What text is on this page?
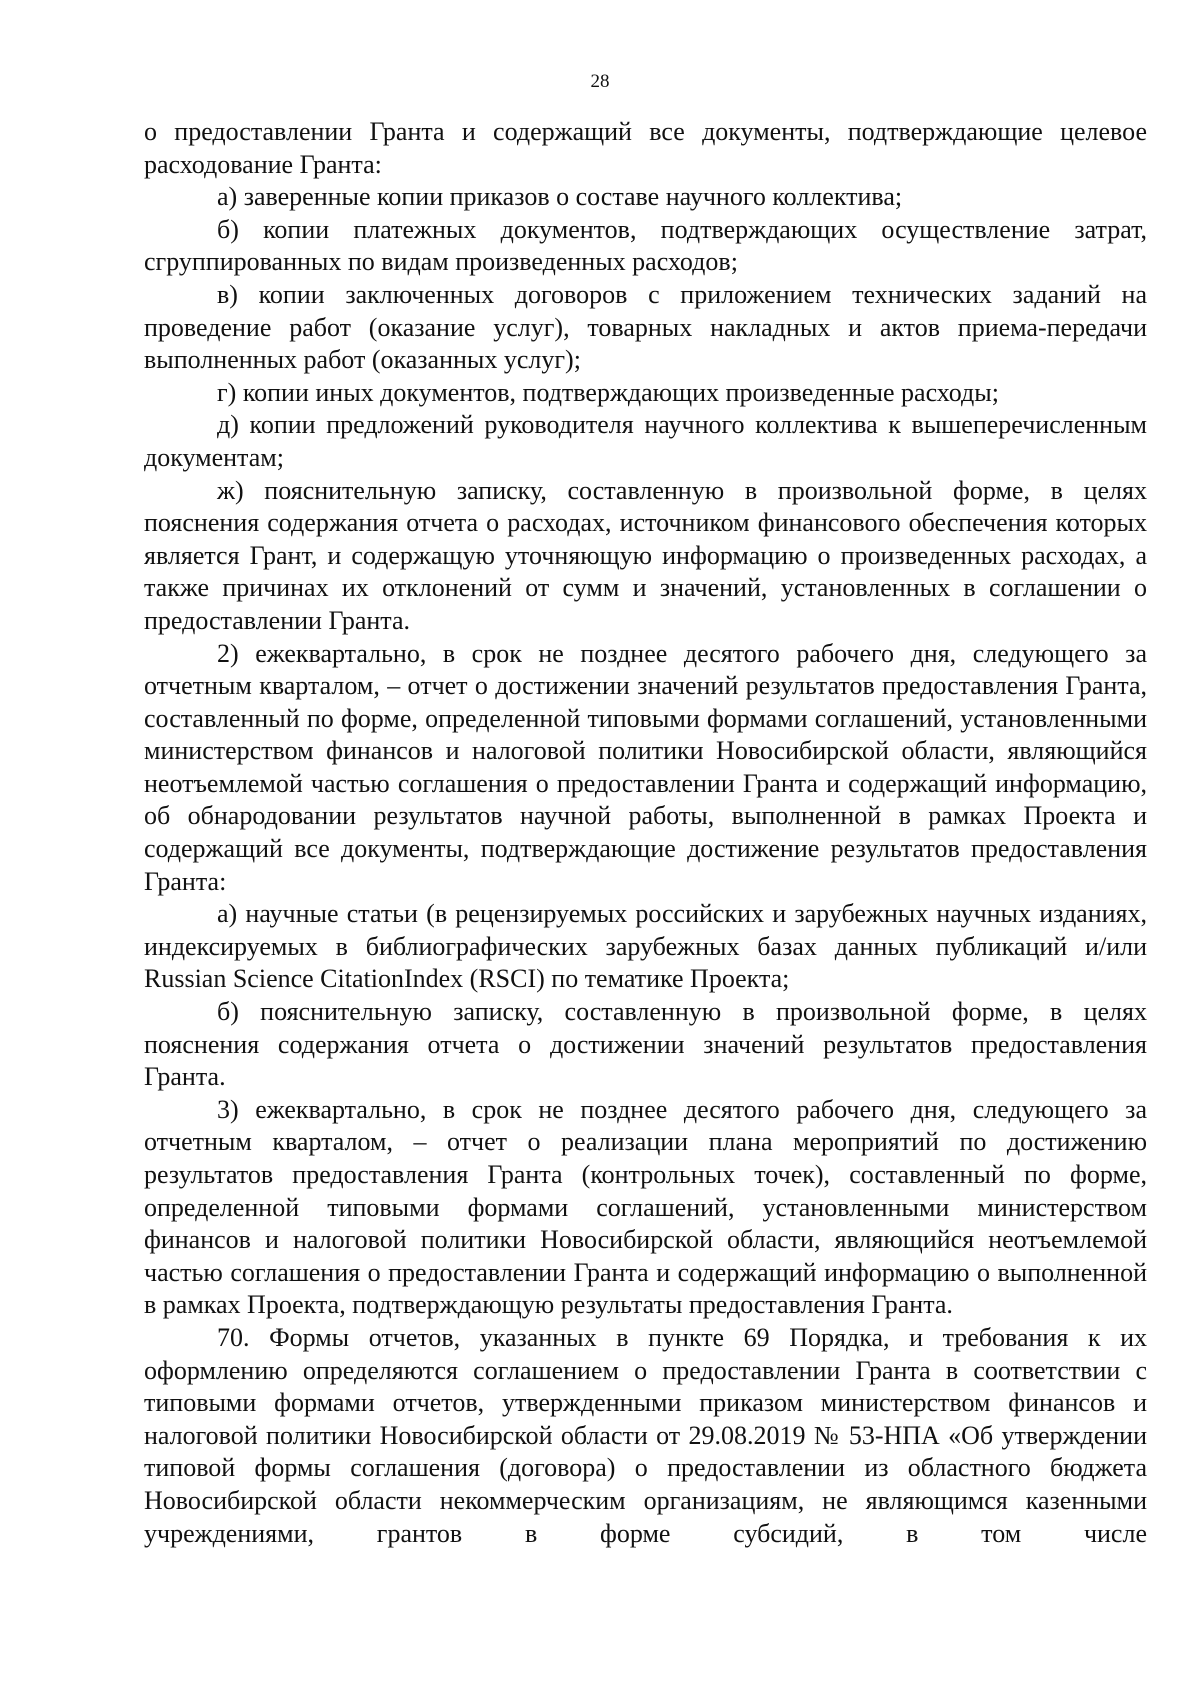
28

о предоставлении Гранта и содержащий все документы, подтверждающие целевое расходование Гранта:

а) заверенные копии приказов о составе научного коллектива;

б) копии платежных документов, подтверждающих осуществление затрат, сгруппированных по видам произведенных расходов;

в) копии заключенных договоров с приложением технических заданий на проведение работ (оказание услуг), товарных накладных и актов приема-передачи выполненных работ (оказанных услуг);

г) копии иных документов, подтверждающих произведенные расходы;

д) копии предложений руководителя научного коллектива к вышеперечисленным документам;

ж) пояснительную записку, составленную в произвольной форме, в целях пояснения содержания отчета о расходах, источником финансового обеспечения которых является Грант, и содержащую уточняющую информацию о произведенных расходах, а также причинах их отклонений от сумм и значений, установленных в соглашении о предоставлении Гранта.

2) ежеквартально, в срок не позднее десятого рабочего дня, следующего за отчетным кварталом, – отчет о достижении значений результатов предоставления Гранта, составленный по форме, определенной типовыми формами соглашений, установленными министерством финансов и налоговой политики Новосибирской области, являющийся неотъемлемой частью соглашения о предоставлении Гранта и содержащий информацию, об обнародовании результатов научной работы, выполненной в рамках Проекта и содержащий все документы, подтверждающие достижение результатов предоставления Гранта:

а) научные статьи (в рецензируемых российских и зарубежных научных изданиях, индексируемых в библиографических зарубежных базах данных публикаций и/или Russian Science CitationIndex (RSCI) по тематике Проекта;

б) пояснительную записку, составленную в произвольной форме, в целях пояснения содержания отчета о достижении значений результатов предоставления Гранта.

3) ежеквартально, в срок не позднее десятого рабочего дня, следующего за отчетным кварталом, – отчет о реализации плана мероприятий по достижению результатов предоставления Гранта (контрольных точек), составленный по форме, определенной типовыми формами соглашений, установленными министерством финансов и налоговой политики Новосибирской области, являющийся неотъемлемой частью соглашения о предоставлении Гранта и содержащий информацию о выполненной в рамках Проекта, подтверждающую результаты предоставления Гранта.

70. Формы отчетов, указанных в пункте 69 Порядка, и требования к их оформлению определяются соглашением о предоставлении Гранта в соответствии с типовыми формами отчетов, утвержденными приказом министерством финансов и налоговой политики Новосибирской области от 29.08.2019 № 53-НПА «Об утверждении типовой формы соглашения (договора) о предоставлении из областного бюджета Новосибирской области некоммерческим организациям, не являющимся казенными учреждениями, грантов в форме субсидий, в том числе
